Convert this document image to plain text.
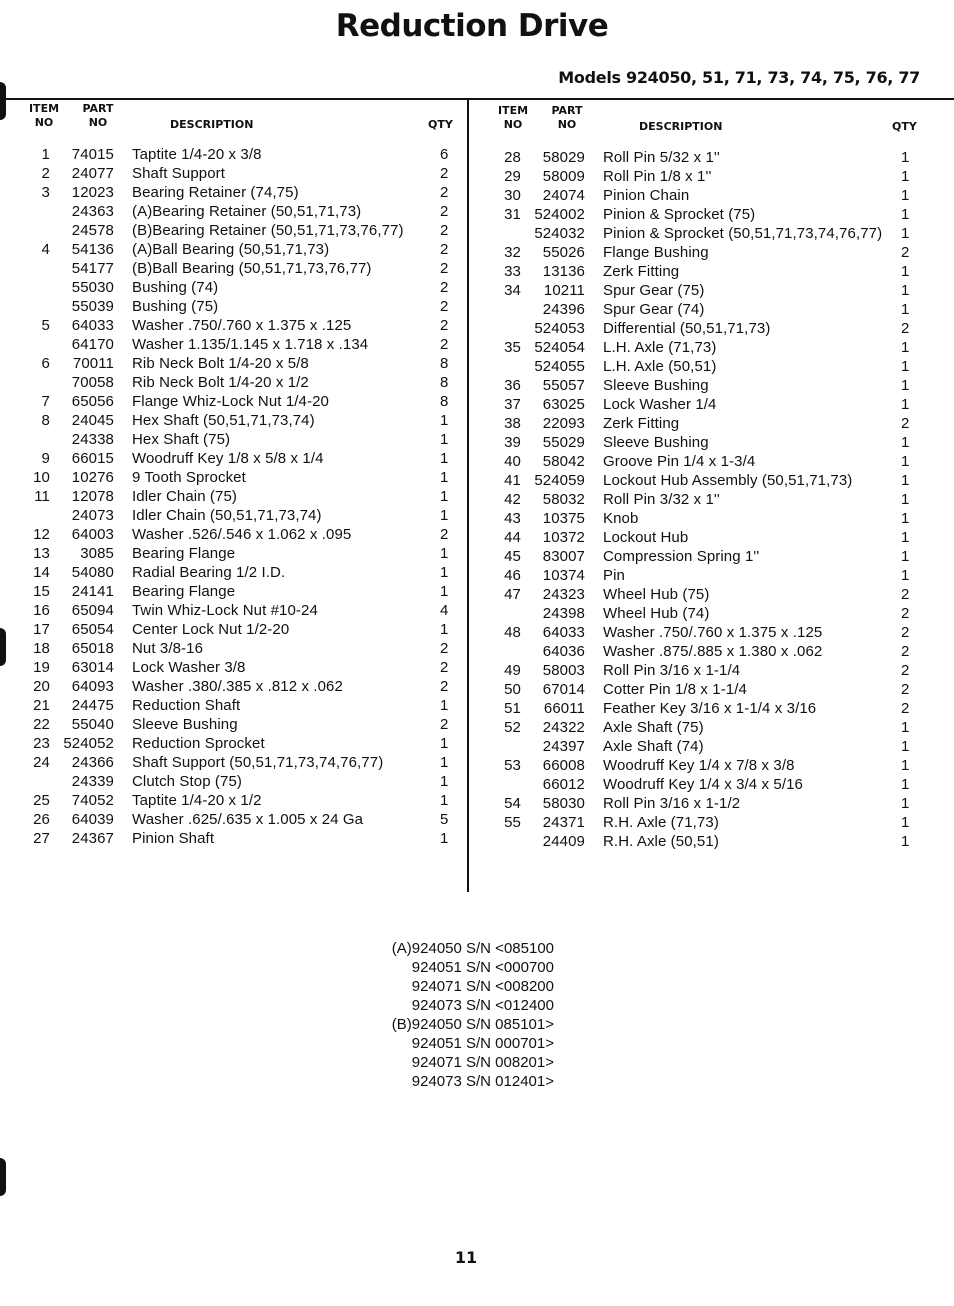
Reduction Drive
Models 924050, 51, 71, 73, 74, 75, 76, 77
ITEM
NO
PART
NO	DESCRIPTION	QTY
ITEM
NO
PART
NO	DESCRIPTION	QTY
1	74015 Taptite 1/4-20 x 3/8	6
2	24077 Shaft Support	2
3	12023 Bearing Retainer (74,75)	2
24363 (A)Bearing Retainer (50,51,71,73)	2
24578 (B)Bearing Retainer (50,51,71,73,76,77) 2
4	54136 (A)Ball Bearing (50,51,71,73)	2
54177 (B)Ball Bearing (50,51,71,73,76,77)	2
55030 Bushing (74)	2
55039 Bushing (75)	2
5	64033 Washer .750/.760 x 1.375 x .125	2
64170 Washer 1.135/1.145 x 1.718 x .134	2
6	70011 Rib Neck Bolt 1/4-20 x 5/8	8
70058 Rib Neck Bolt 1/4-20 x 1/2	8
7	65056 Flange Whiz-Lock Nut 1/4-20	8
8	24045 Hex Shaft (50,51,71,73,74)	1
24338 Hex Shaft (75)	1
9	66015 Woodruff Key 1/8 x 5/8 x 1/4	1
10	10276 9 Tooth Sprocket	1
11	12078 Idler Chain (75)	1
24073 Idler Chain (50,51,71,73,74)	1
12	64003 Washer .526/.546 x 1.062 x .095	2
13	3085 Bearing Flange	1
14	54080 Radial Bearing 1/2 I.D.	1
15	24141 Bearing Flange	1
16	65094 Twin Whiz-Lock Nut #10-24	4
17	65054 Center Lock Nut 1/2-20	1
18	65018 Nut 3/8-16	2
19	63014 Lock Washer 3/8	2
20	64093 Washer .380/.385 x .812 x .062	2
21	24475 Reduction Shaft	1
22	55040 Sleeve Bushing	2
23 524052 Reduction Sprocket	1
24	24366 Shaft Support (50,51,71,73,74,76,77)	1
24339 Clutch Stop (75)	1
25	74052 Taptite 1/4-20 x 1/2	1
26	64039 Washer .625/.635 x 1.005 x 24 Ga	5
27	24367 Pinion Shaft	1
28	58029 Roll Pin 5/32 x 1''	1
29	58009 Roll Pin 1/8 x 1''	1
30	24074 Pinion Chain	1
31 524002 Pinion & Sprocket (75)	1
524032 Pinion & Sprocket (50,51,71,73,74,76,77) 1
32	55026 Flange Bushing	2
33	13136 Zerk Fitting	1
34	10211 Spur Gear (75)	1
24396 Spur Gear (74)	1
524053 Differential (50,51,71,73)	2
35 524054 L.H. Axle (71,73)	1
524055 L.H. Axle (50,51)	1
36	55057 Sleeve Bushing	1
37	63025 Lock Washer 1/4	1
38	22093 Zerk Fitting	2
39	55029 Sleeve Bushing	1
40	58042 Groove Pin 1/4 x 1-3/4	1
41 524059 Lockout Hub Assembly (50,51,71,73)	1
42	58032 Roll Pin 3/32 x 1''	1
43	10375 Knob	1
44	10372 Lockout Hub	1
45	83007 Compression Spring 1''	1
46	10374 Pin	1
47	24323 Wheel Hub (75)	2
24398 Wheel Hub (74)	2
48	64033 Washer .750/.760 x 1.375 x .125	2
64036 Washer .875/.885 x 1.380 x .062	2
49	58003 Roll Pin 3/16 x 1-1/4	2
50	67014 Cotter Pin 1/8 x 1-1/4	2
51	66011 Feather Key 3/16 x 1-1/4 x 3/16	2
52	24322 Axle Shaft (75)	1
24397 Axle Shaft (74)	1
53	66008 Woodruff Key 1/4 x 7/8 x 3/8	1
66012 Woodruff Key 1/4 x 3/4 x 5/16	1
54	58030 Roll Pin 3/16 x 1-1/2	1
55	24371 R.H. Axle (71,73)	1
24409 R.H. Axle (50,51)	1
(A)924050 S/N <085100
924051 S/N <000700
924071 S/N <008200
924073 S/N <012400
(B)924050 S/N 085101>
924051 S/N 000701>
924071 S/N 008201>
924073 S/N 012401>
11
